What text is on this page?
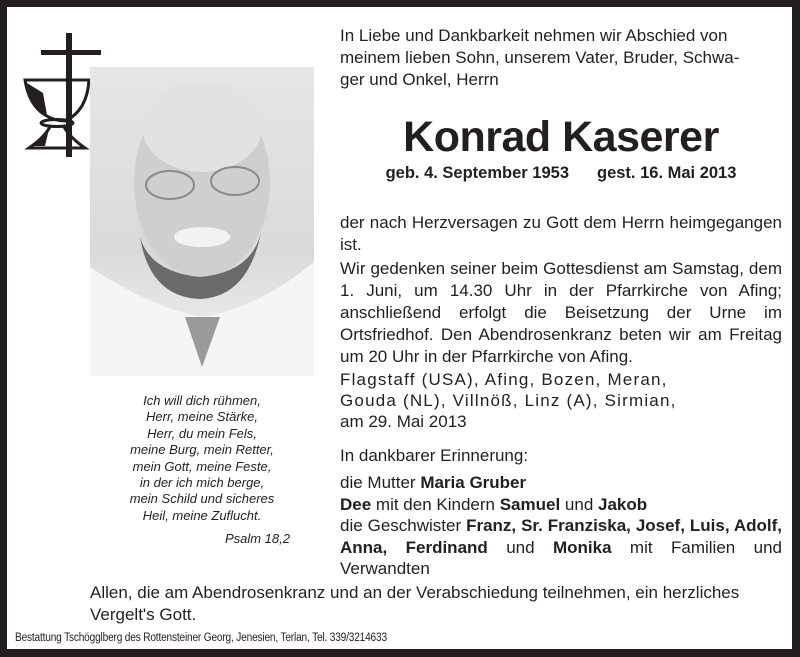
Ich will dich rühmen,
Herr, meine Stärke,
Herr, du mein Fels,
meine Burg, mein Retter,
mein Gott, meine Feste,
in der ich mich berge,
mein Schild und sicheres
Heil, meine Zuflucht.
Psalm 18,2
In Liebe und Dankbarkeit nehmen wir Abschied von
meinem lieben Sohn, unserem Vater, Bruder, Schwa-
ger und Onkel, Herrn
Konrad Kaserer
geb. 4. September 1953 gest. 16. Mai 2013
der nach Herzversagen zu Gott dem Herrn heimgegangen ist.
Wir gedenken seiner beim Gottesdienst am Samstag, dem 1. Juni, um 14.30 Uhr in der Pfarrkirche von Afing; anschließend erfolgt die Beisetzung der Urne im Ortsfriedhof. Den Abendrosenkranz beten wir am Freitag um 20 Uhr in der Pfarrkirche von Afing.
Flagstaff (USA), Afing, Bozen, Meran,
Gouda (NL), Villnöß, Linz (A), Sirmian,
am 29. Mai 2013
In dankbarer Erinnerung:
die Mutter Maria Gruber
Dee mit den Kindern Samuel und Jakob
die Geschwister Franz, Sr. Franziska, Josef, Luis, Adolf, Anna, Ferdinand und Monika mit Familien und Verwandten
Allen, die am Abendrosenkranz und an der Verabschiedung teilnehmen, ein herzliches Vergelt's Gott.
Bestattung Tschögglberg des Rottensteiner Georg, Jenesien, Terlan, Tel. 339/3214633
